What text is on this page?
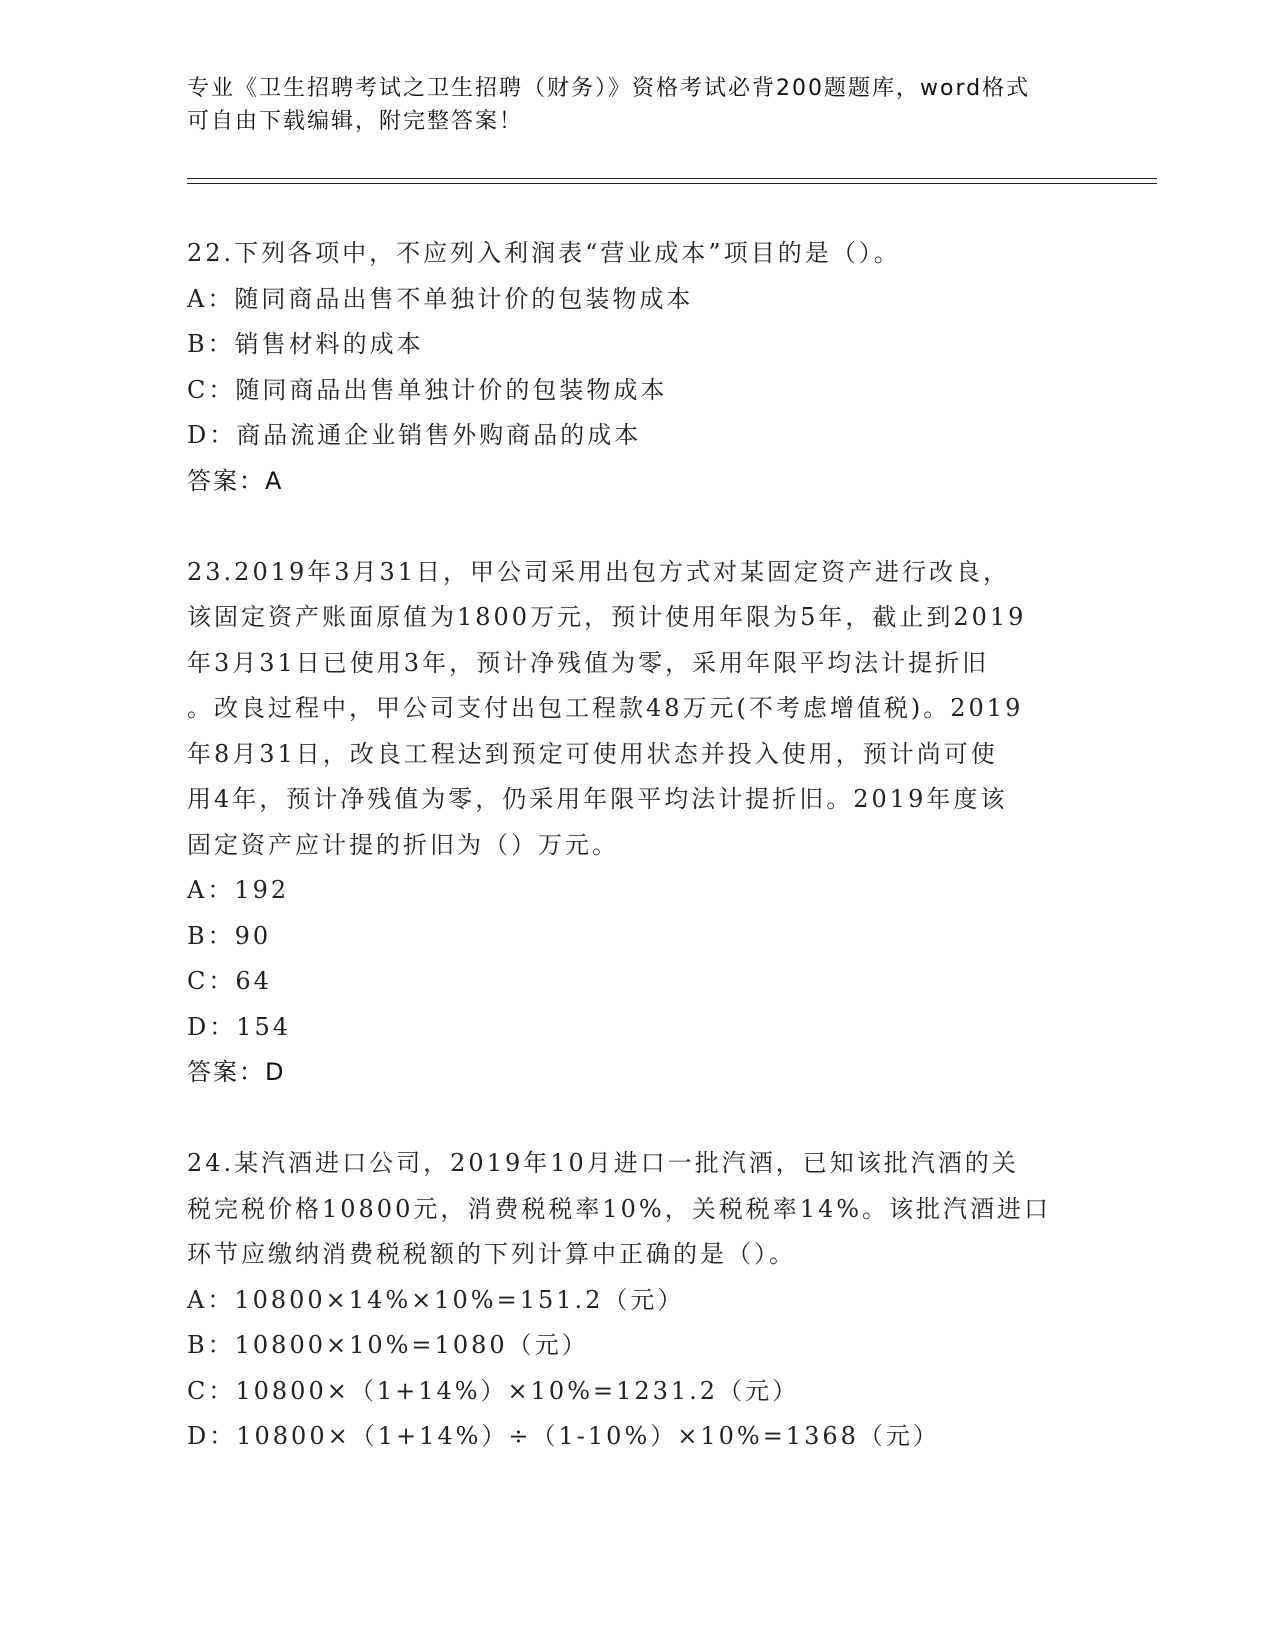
专业《卫生招聘考试之卫生招聘（财务）》资格考试必背200题题库，word格式
可自由下载编辑，附完整答案！
22.下列各项中，不应列入利润表“营业成本”项目的是（）。
A：随同商品出售不单独计价的包装物成本
B：销售材料的成本
C：随同商品出售单独计价的包装物成本
D：商品流通企业销售外购商品的成本
答案：A
23.2019年3月31日，甲公司采用出包方式对某固定资产进行改良，
该固定资产账面原值为1800万元，预计使用年限为5年，截止到2019
年3月31日已使用3年，预计净残值为零，采用年限平均法计提折旧
。改良过程中，甲公司支付出包工程款48万元(不考虑增值税)。2019
年8月31日，改良工程达到预定可使用状态并投入使用，预计尚可使
用4年，预计净残值为零，仍采用年限平均法计提折旧。2019年度该
固定资产应计提的折旧为（）万元。
A：192
B：90
C：64
D：154
答案：D
24.某汽酒进口公司，2019年10月进口一批汽酒，已知该批汽酒的关
税完税价格10800元，消费税税率10%，关税税率14%。该批汽酒进口
环节应缴纳消费税税额的下列计算中正确的是（）。
A：10800×14%×10%=151.2（元）
B：10800×10%=1080（元）
C：10800×（1+14%）×10%=1231.2（元）
D：10800×（1+14%）÷（1-10%）×10%=1368（元）
